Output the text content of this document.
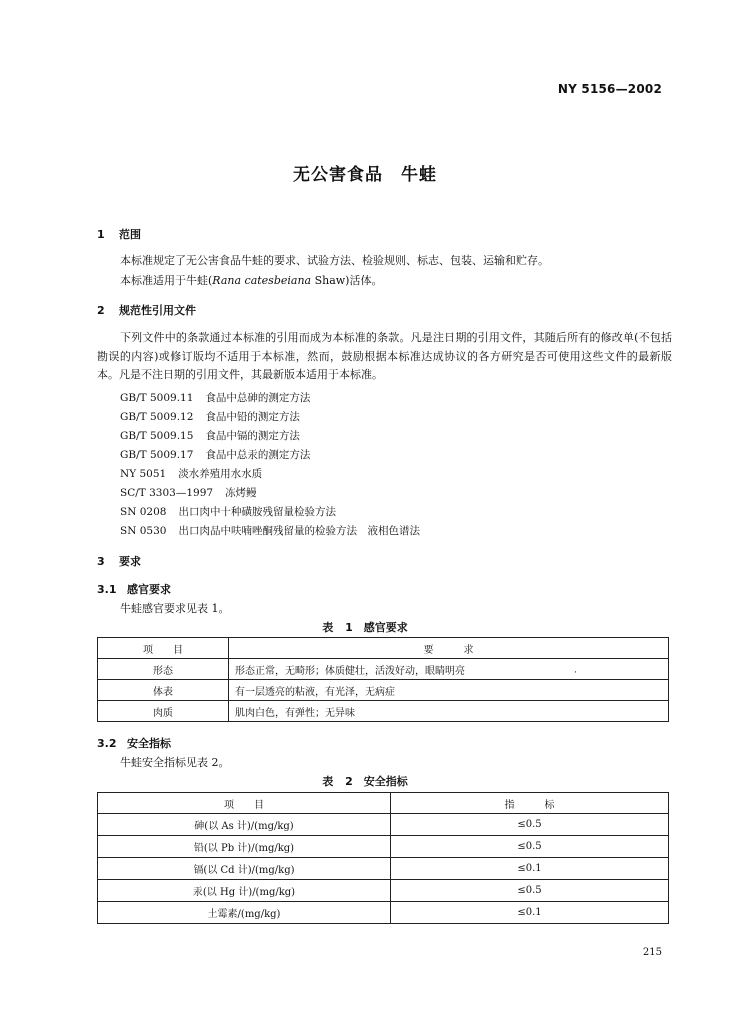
NY 5156—2002
无公害食品　牛蛙
1 范围
本标准规定了无公害食品牛蛙的要求、试验方法、检验规则、标志、包装、运输和贮存。
本标准适用于牛蛙(Rana catesbeiana Shaw)活体。
2 规范性引用文件
下列文件中的条款通过本标准的引用而成为本标准的条款。凡是注日期的引用文件，其随后所有的修改单(不包括勘误的内容)或修订版均不适用于本标准，然而，鼓励根据本标准达成协议的各方研究是否可使用这些文件的最新版本。凡是不注日期的引用文件，其最新版本适用于本标准。
GB/T 5009.11 食品中总砷的测定方法
GB/T 5009.12 食品中铅的测定方法
GB/T 5009.15 食品中镉的测定方法
GB/T 5009.17 食品中总汞的测定方法
NY 5051 淡水养殖用水水质
SC/T 3303—1997 冻烤鳗
SN 0208 出口肉中十种磺胺残留量检验方法
SN 0530 出口肉品中呋喃唑酮残留量的检验方法　液相色谱法
3 要求
3.1 感官要求
牛蛙感官要求见表 1。
表 1　感官要求
项　　目	要　　　求
形态	形态正常，无畸形；体质健壮，活泼好动，眼睛明亮
体表	有一层透亮的粘液，有光泽，无病症
肉质	肌肉白色，有弹性；无异味
·
3.2 安全指标
牛蛙安全指标见表 2。
表 2　安全指标
项　　目	指　　　标
砷(以 As 计)/(mg/kg)	≤0.5
铅(以 Pb 计)/(mg/kg)	≤0.5
镉(以 Cd 计)/(mg/kg)	≤0.1
汞(以 Hg 计)/(mg/kg)	≤0.5
土霉素/(mg/kg)	≤0.1
215
